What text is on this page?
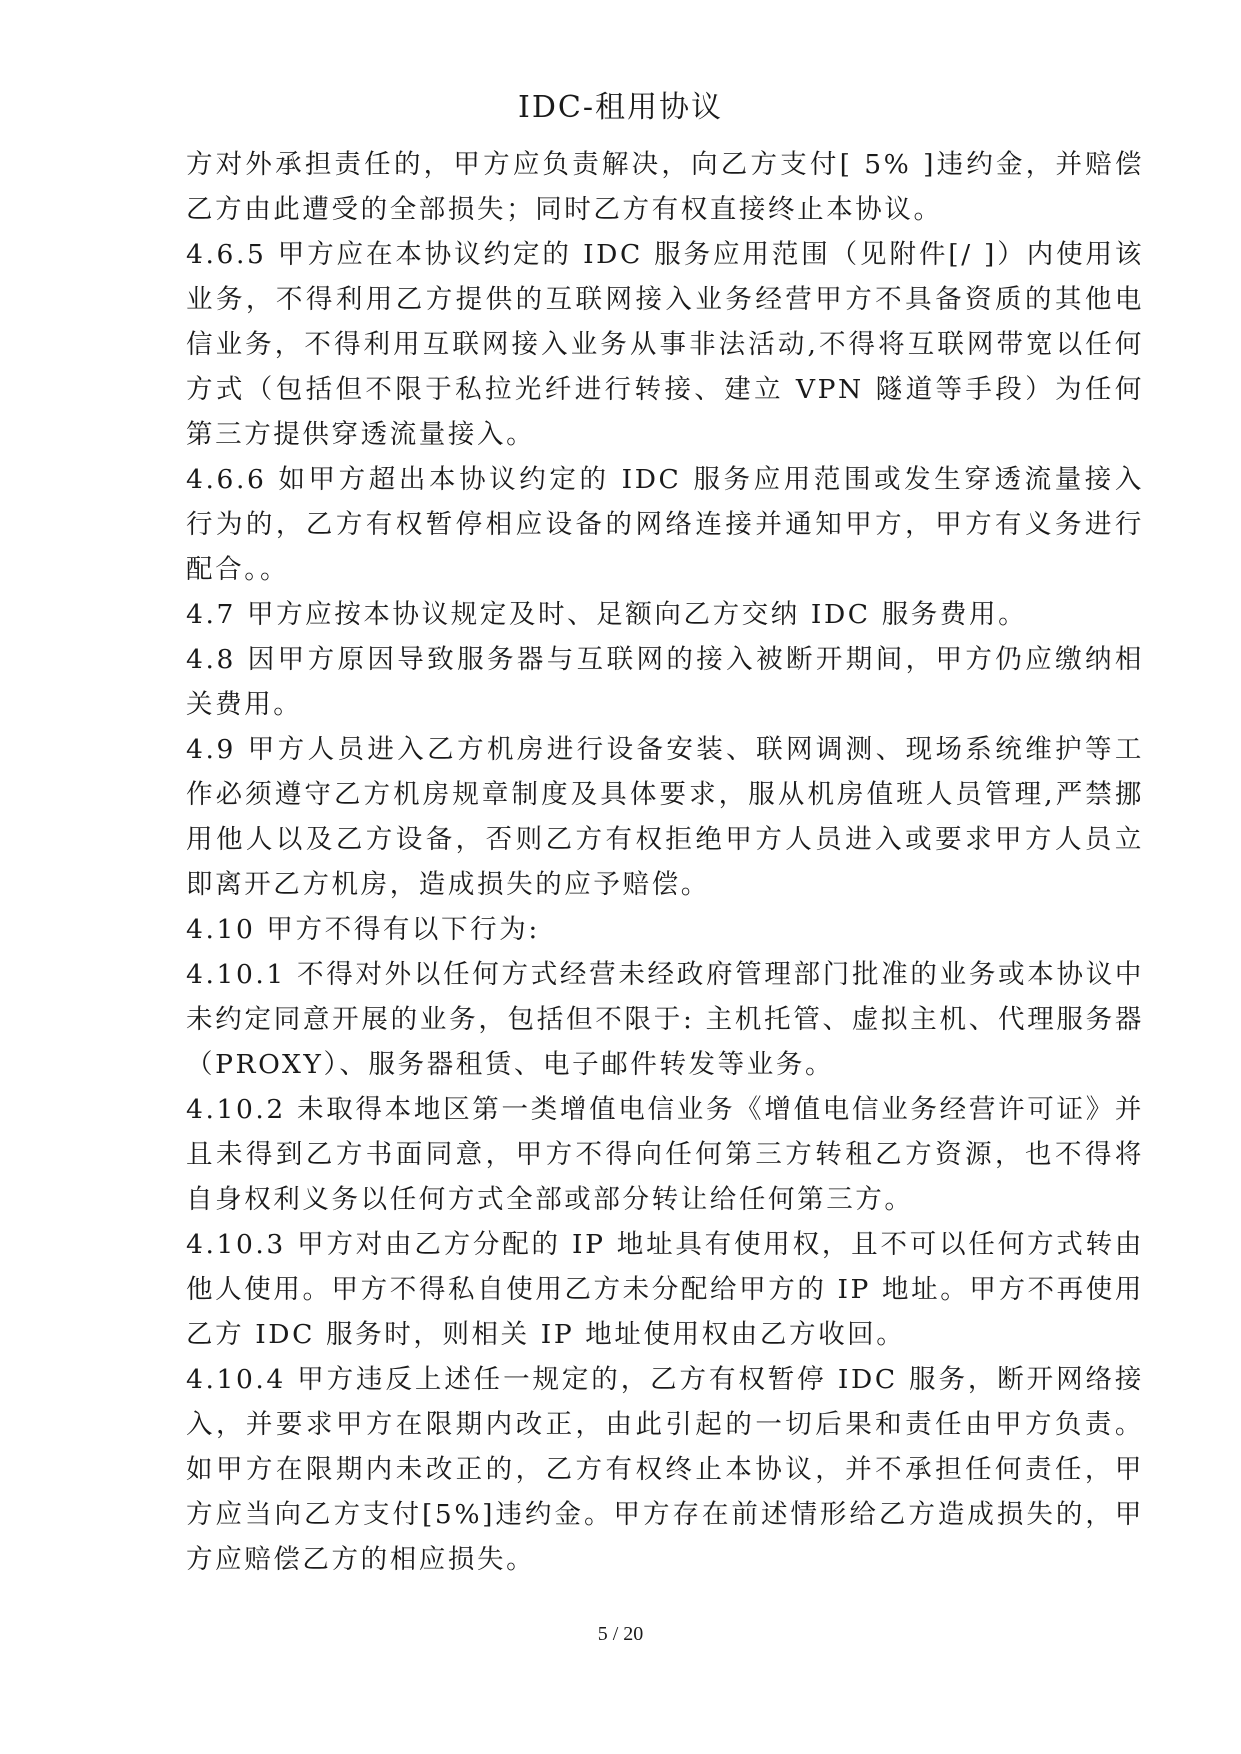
IDC-租用协议

方对外承担责任的，甲方应负责解决，向乙方支付[ 5% ]违约金，并赔偿乙方由此遭受的全部损失；同时乙方有权直接终止本协议。

4.6.5 甲方应在本协议约定的 IDC 服务应用范围（见附件[/ ]）内使用该业务，不得利用乙方提供的互联网接入业务经营甲方不具备资质的其他电信业务，不得利用互联网接入业务从事非法活动,不得将互联网带宽以任何方式（包括但不限于私拉光纤进行转接、建立 VPN 隧道等手段）为任何第三方提供穿透流量接入。

4.6.6 如甲方超出本协议约定的 IDC 服务应用范围或发生穿透流量接入行为的，乙方有权暂停相应设备的网络连接并通知甲方，甲方有义务进行配合。。

4.7 甲方应按本协议规定及时、足额向乙方交纳 IDC 服务费用。

4.8 因甲方原因导致服务器与互联网的接入被断开期间，甲方仍应缴纳相关费用。

4.9 甲方人员进入乙方机房进行设备安装、联网调测、现场系统维护等工作必须遵守乙方机房规章制度及具体要求，服从机房值班人员管理,严禁挪用他人以及乙方设备，否则乙方有权拒绝甲方人员进入或要求甲方人员立即离开乙方机房，造成损失的应予赔偿。

4.10 甲方不得有以下行为:

4.10.1 不得对外以任何方式经营未经政府管理部门批准的业务或本协议中未约定同意开展的业务，包括但不限于: 主机托管、虚拟主机、代理服务器（PROXY）、服务器租赁、电子邮件转发等业务。

4.10.2 未取得本地区第一类增值电信业务《增值电信业务经营许可证》并且未得到乙方书面同意，甲方不得向任何第三方转租乙方资源，也不得将自身权利义务以任何方式全部或部分转让给任何第三方。

4.10.3 甲方对由乙方分配的 IP 地址具有使用权，且不可以任何方式转由他人使用。甲方不得私自使用乙方未分配给甲方的 IP 地址。甲方不再使用乙方 IDC 服务时，则相关 IP 地址使用权由乙方收回。

4.10.4 甲方违反上述任一规定的，乙方有权暂停 IDC 服务，断开网络接入，并要求甲方在限期内改正，由此引起的一切后果和责任由甲方负责。如甲方在限期内未改正的，乙方有权终止本协议，并不承担任何责任，甲方应当向乙方支付[5%]违约金。甲方存在前述情形给乙方造成损失的，甲方应赔偿乙方的相应损失。

5 / 20
